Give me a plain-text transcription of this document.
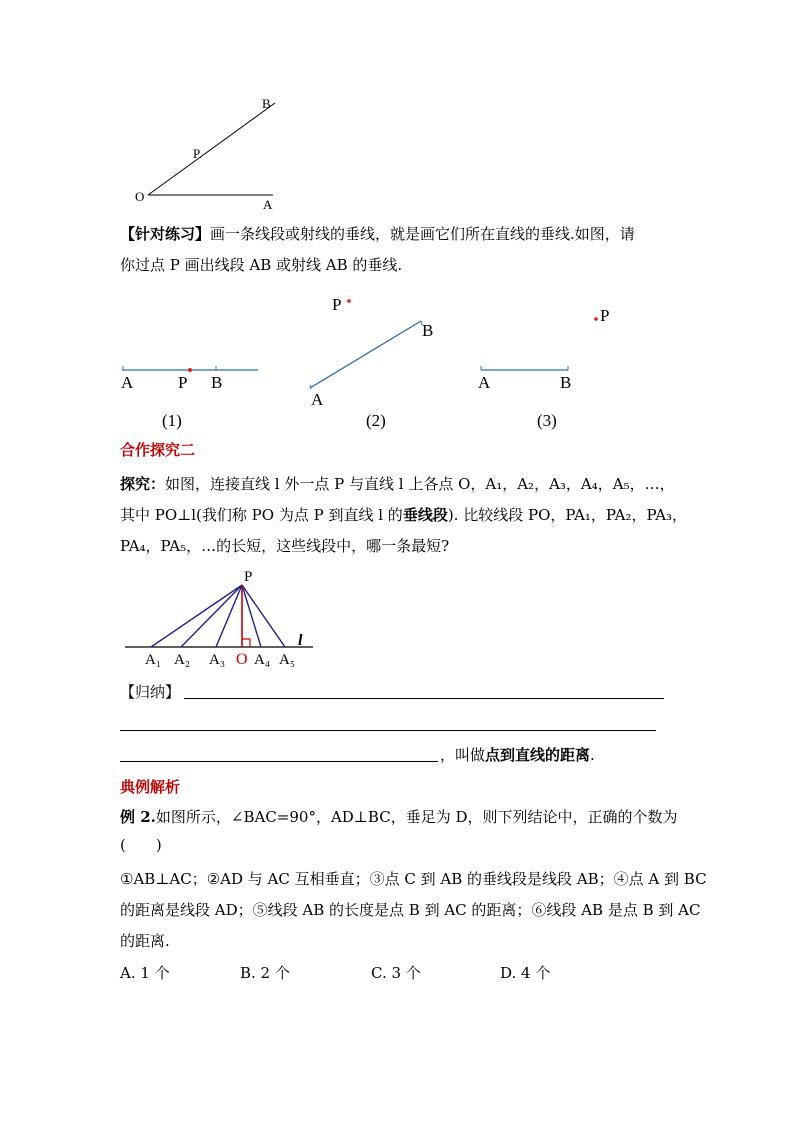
B
P.
O
A
【针对练习】画一条线段或射线的垂线，就是画它们所在直线的垂线.如图，请
你过点 P 画出线段 AB 或射线 AB 的垂线.
A	P B
(1)
P
B
A
(2)
P
A	B
(3)
合作探究二
探究：如图，连接直线 l 外一点 P 与直线 l 上各点 O，A₁，A₂，A₃，A₄，A₅，…，
其中 PO⊥l(我们称 PO 为点 P 到直线 l 的垂线段). 比较线段 PO，PA₁，PA₂，PA₃，
PA₄，PA₅，…的长短，这些线段中，哪一条最短?
P
l
A₁ A₂ A₃ O A₄ A₅
【归纳】
，叫做点到直线的距离.
典例解析
例 2.如图所示，∠BAC=90°，AD⊥BC，垂足为 D，则下列结论中，正确的个数为
(　　)
①AB⊥AC；②AD 与 AC 互相垂直；③点 C 到 AB 的垂线段是线段 AB；④点 A 到 BC
的距离是线段 AD；⑤线段 AB 的长度是点 B 到 AC 的距离；⑥线段 AB 是点 B 到 AC
的距离.
A. 1 个	B. 2 个	C. 3 个	D. 4 个
